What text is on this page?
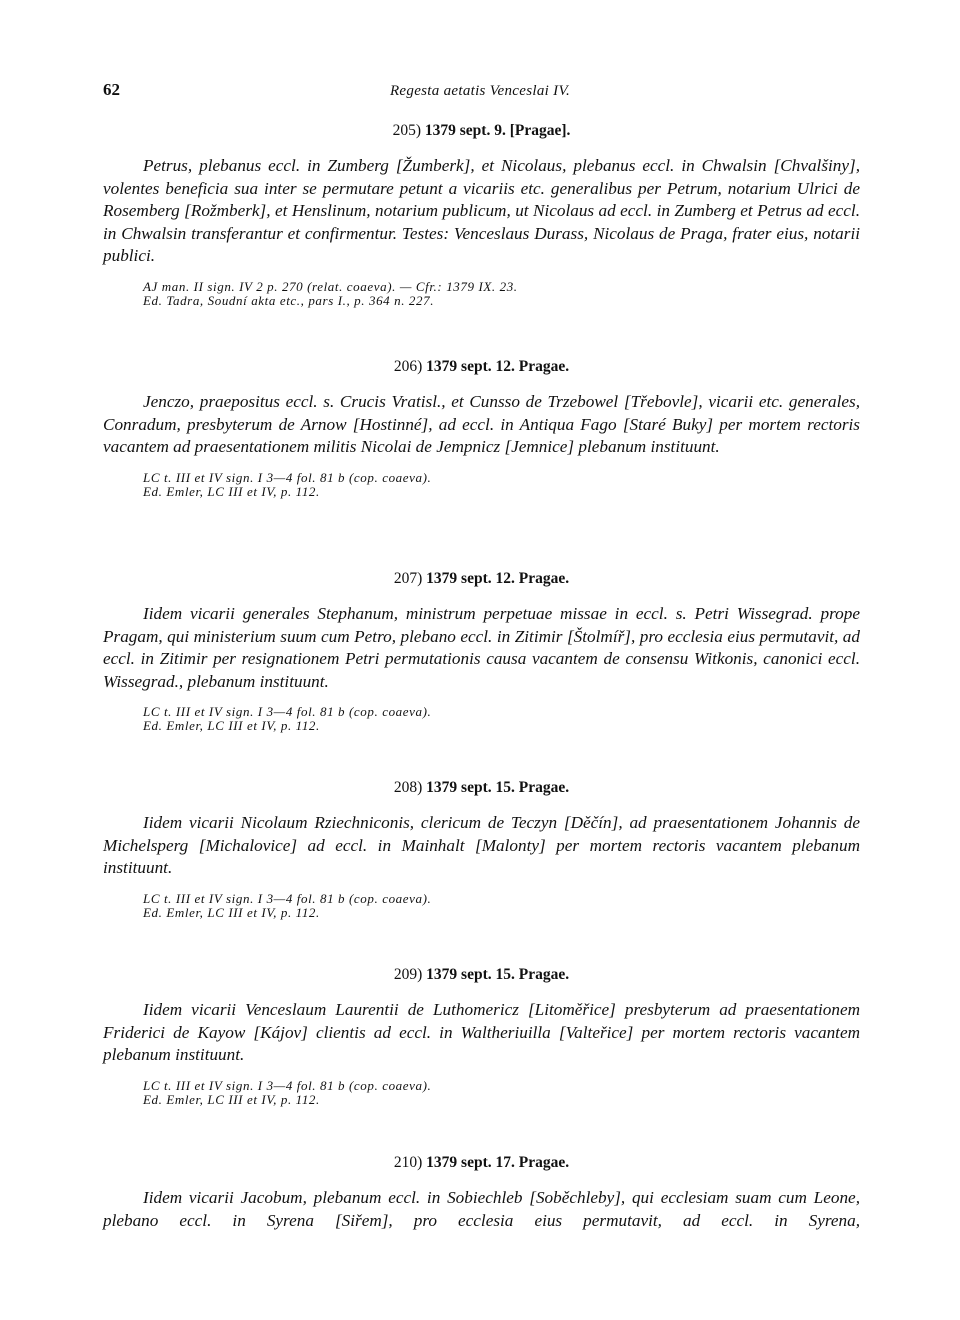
62	Regesta aetatis Venceslai IV.
205) 1379 sept. 9. [Pragae].

Petrus, plebanus eccl. in Zumberg [Žumberk], et Nicolaus, plebanus eccl. in Chwalsin [Chvalšiny], volentes beneficia sua inter se permutare petunt a vicariis etc. generalibus per Petrum, notarium Ulrici de Rosemberg [Rožmberk], et Henslinum, notarium publicum, ut Nicolaus ad eccl. in Zumberg et Petrus ad eccl. in Chwalsin transferantur et confirmentur. Testes: Venceslaus Durass, Nicolaus de Praga, frater eius, notarii publici.

AJ man. II sign. IV 2 p. 270 (relat. coaeva). — Cfr.: 1379 IX. 23.
Ed. Tadra, Soudní akta etc., pars I., p. 364 n. 227.
206) 1379 sept. 12. Pragae.

Jenczo, praepositus eccl. s. Crucis Vratisl., et Cunsso de Trzebowel [Třebovle], vicarii etc. generales, Conradum, presbyterum de Arnow [Hostinné], ad eccl. in Antiqua Fago [Staré Buky] per mortem rectoris vacantem ad praesentationem militis Nicolai de Jempnicz [Jemnice] plebanum instituunt.

LC t. III et IV sign. I 3—4 fol. 81 b (cop. coaeva).
Ed. Emler, LC III et IV, p. 112.
207) 1379 sept. 12. Pragae.

Iidem vicarii generales Stephanum, ministrum perpetuae missae in eccl. s. Petri Wissegrad. prope Pragam, qui ministerium suum cum Petro, plebano eccl. in Zitimir [Štolmíř], pro ecclesia eius permutavit, ad eccl. in Zitimir per resignationem Petri permutationis causa vacantem de consensu Witkonis, canonici eccl. Wissegrad., plebanum instituunt.

LC t. III et IV sign. I 3—4 fol. 81 b (cop. coaeva).
Ed. Emler, LC III et IV, p. 112.
208) 1379 sept. 15. Pragae.

Iidem vicarii Nicolaum Rziechniconis, clericum de Teczyn [Děčín], ad praesentationem Johannis de Michelsperg [Michalovice] ad eccl. in Mainhalt [Malonty] per mortem rectoris vacantem plebanum instituunt.

LC t. III et IV sign. I 3—4 fol. 81 b (cop. coaeva).
Ed. Emler, LC III et IV, p. 112.
209) 1379 sept. 15. Pragae.

Iidem vicarii Venceslaum Laurentii de Luthomericz [Litoměřice] presbyterum ad praesentationem Friderici de Kayow [Kájov] clientis ad eccl. in Waltheriuilla [Valteřice] per mortem rectoris vacantem plebanum instituunt.

LC t. III et IV sign. I 3—4 fol. 81 b (cop. coaeva).
Ed. Emler, LC III et IV, p. 112.
210) 1379 sept. 17. Pragae.

Iidem vicarii Jacobum, plebanum eccl. in Sobiechleb [Soběchleby], qui ecclesiam suam cum Leone, plebano eccl. in Syrena [Siřem], pro ecclesia eius permutavit, ad eccl. in Syrena,
